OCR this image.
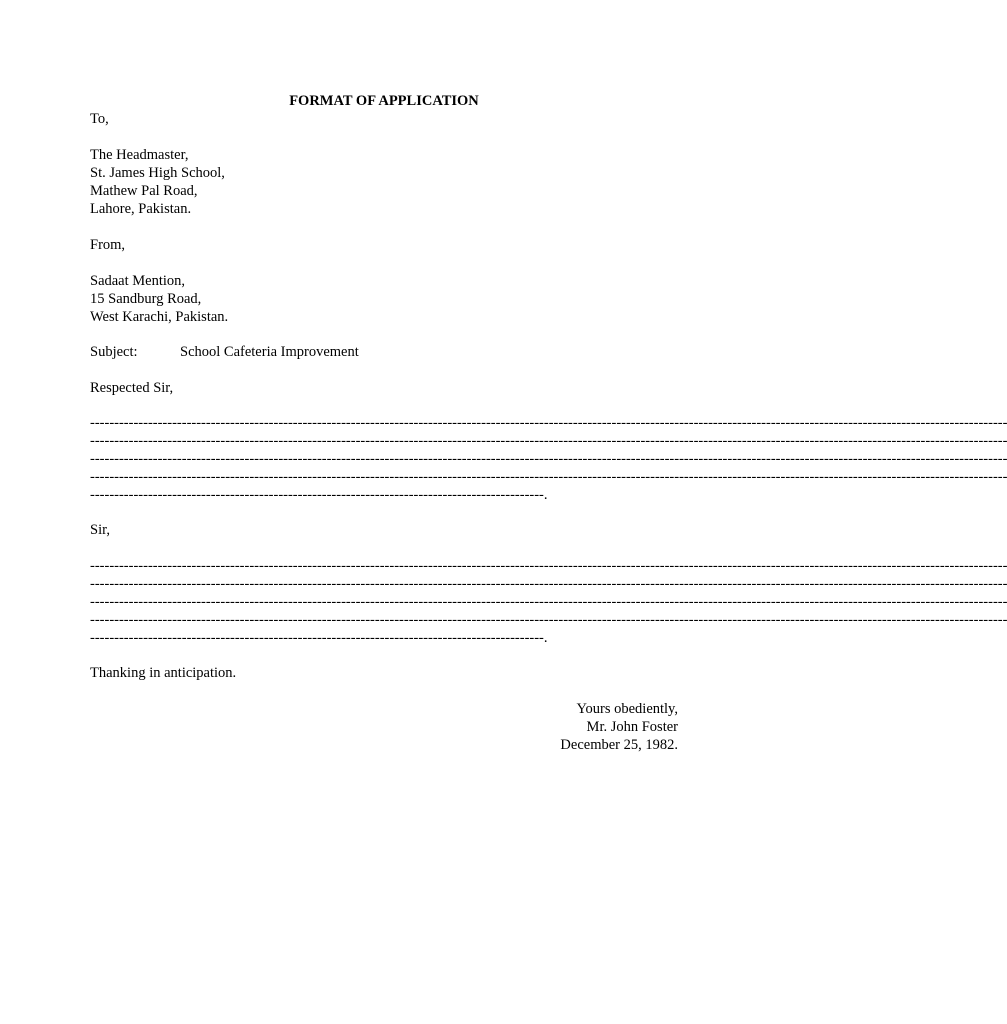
FORMAT OF APPLICATION
To,
The Headmaster,
St. James High School,
Mathew Pal Road,
Lahore, Pakistan.
From,
Sadaat Mention,
15 Sandburg Road,
West Karachi, Pakistan.
Subject:	School Cafeteria Improvement
Respected Sir,
----------------------------------------------------------------------------------------------------------------------------------------------------------------------------------------------
----------------------------------------------------------------------------------------------------------------------------------------------------------------------------------------------
----------------------------------------------------------------------------------------------------------------------------------------------------------------------------------------------
----------------------------------------------------------------------------------------------------------------------------------------------------------------------------------------------
----------------------------------------------------------------------------------------------.
Sir,
----------------------------------------------------------------------------------------------------------------------------------------------------------------------------------------------
----------------------------------------------------------------------------------------------------------------------------------------------------------------------------------------------
----------------------------------------------------------------------------------------------------------------------------------------------------------------------------------------------
----------------------------------------------------------------------------------------------------------------------------------------------------------------------------------------------
----------------------------------------------------------------------------------------------.
Thanking in anticipation.
Yours obediently,
Mr. John Foster
December 25, 1982.
